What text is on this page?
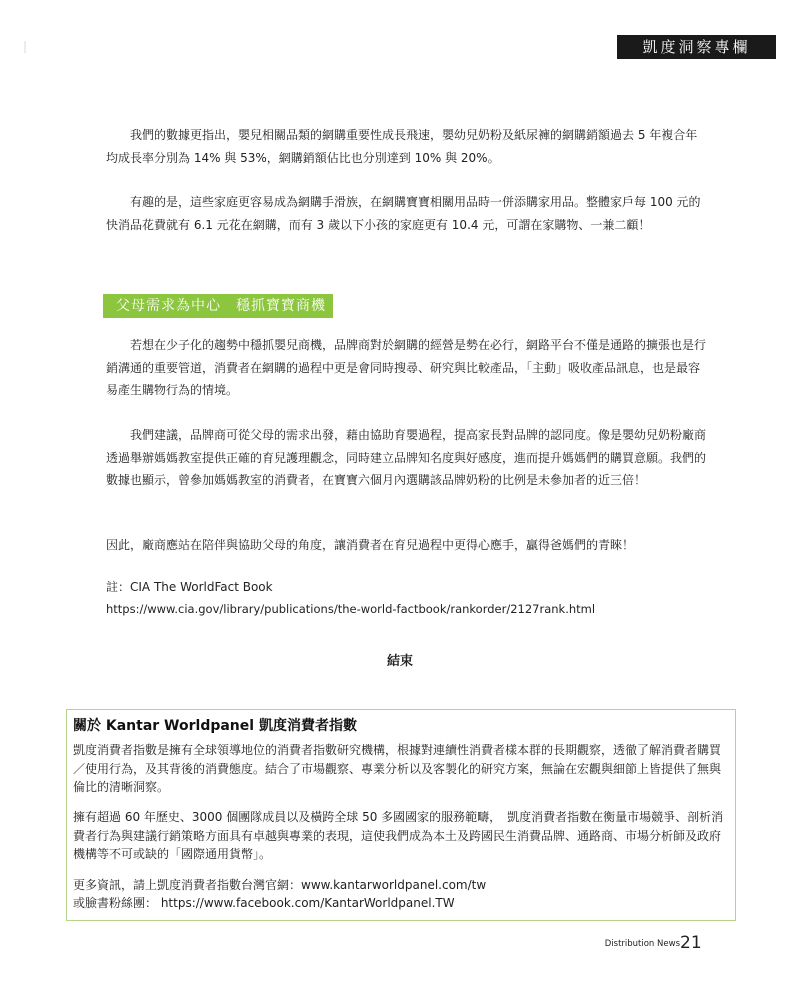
凱度洞察專欄

我們的數據更指出，嬰兒相關品類的網購重要性成長飛速，嬰幼兒奶粉及紙尿褲的網購銷額過去 5 年複合年均成長率分別為 14% 與 53%，網購銷額佔比也分別達到 10% 與 20%。

有趣的是，這些家庭更容易成為網購手滑族，在網購寶寶相關用品時一併添購家用品。整體家戶每 100 元的快消品花費就有 6.1 元花在網購，而有 3 歲以下小孩的家庭更有 10.4 元，可謂在家購物、一兼二顧！

父母需求為中心　穩抓寶寶商機

若想在少子化的趨勢中穩抓嬰兒商機，品牌商對於網購的經營是勢在必行，網路平台不僅是通路的擴張也是行銷溝通的重要管道，消費者在網購的過程中更是會同時搜尋、研究與比較產品，「主動」吸收產品訊息，也是最容易產生購物行為的情境。

我們建議，品牌商可從父母的需求出發，藉由協助育嬰過程，提高家長對品牌的認同度。像是嬰幼兒奶粉廠商透過舉辦媽媽教室提供正確的育兒護理觀念，同時建立品牌知名度與好感度，進而提升媽媽們的購買意願。我們的數據也顯示，曾參加媽媽教室的消費者，在寶寶六個月內選購該品牌奶粉的比例是未參加者的近三倍！

因此，廠商應站在陪伴與協助父母的角度，讓消費者在育兒過程中更得心應手，贏得爸媽們的青睞！

註：CIA The WorldFact Book

https://www.cia.gov/library/publications/the-world-factbook/rankorder/2127rank.html

結束
關於 Kantar Worldpanel 凱度消費者指數

凱度消費者指數是擁有全球領導地位的消費者指數研究機構，根據對連續性消費者樣本群的長期觀察，透徹了解消費者購買／使用行為，及其背後的消費態度。結合了市場觀察、專業分析以及客製化的研究方案，無論在宏觀與細節上皆提供了無與倫比的清晰洞察。

擁有超過 60 年歷史、3000 個團隊成員以及橫跨全球 50 多國國家的服務範疇，　凱度消費者指數在衡量市場競爭、剖析消費者行為與建議行銷策略方面具有卓越與專業的表現，這使我們成為本土及跨國民生消費品牌、通路商、市場分析師及政府機構等不可或缺的「國際通用貨幣」。

更多資訊，請上凱度消費者指數台灣官網：www.kantarworldpanel.com/tw

或臉書粉絲團： https://www.facebook.com/KantarWorldpanel.TW

Distribution News 21
